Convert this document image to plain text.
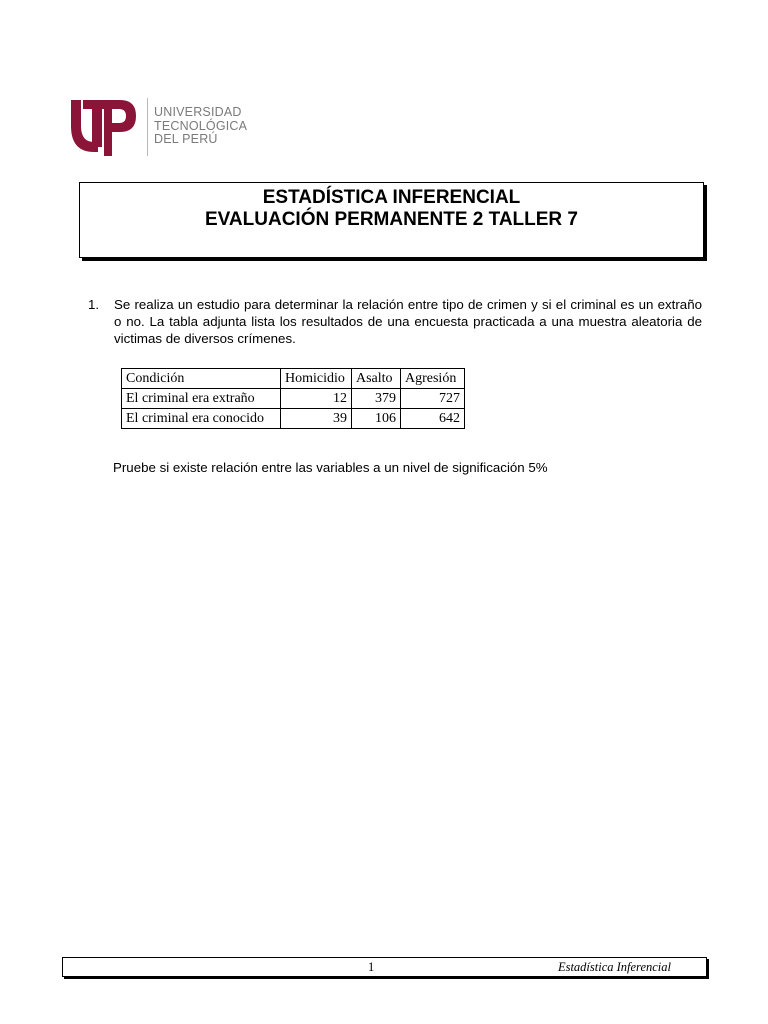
UNIVERSIDAD
TECNOLÓGICA
DEL PERÚ
ESTADÍSTICA INFERENCIAL
EVALUACIÓN PERMANENTE 2 TALLER 7
1. Se realiza un estudio para determinar la relación entre tipo de crimen y si el criminal es un extraño o no. La tabla adjunta lista los resultados de una encuesta practicada a una muestra aleatoria de victimas de diversos crímenes.
Condición	Homicidio	Asalto	Agresión
El criminal era extraño	12	379	727
El criminal era conocido	39	106	642
Pruebe si existe relación entre las variables a un nivel de significación 5%
1	Estadística Inferencial
